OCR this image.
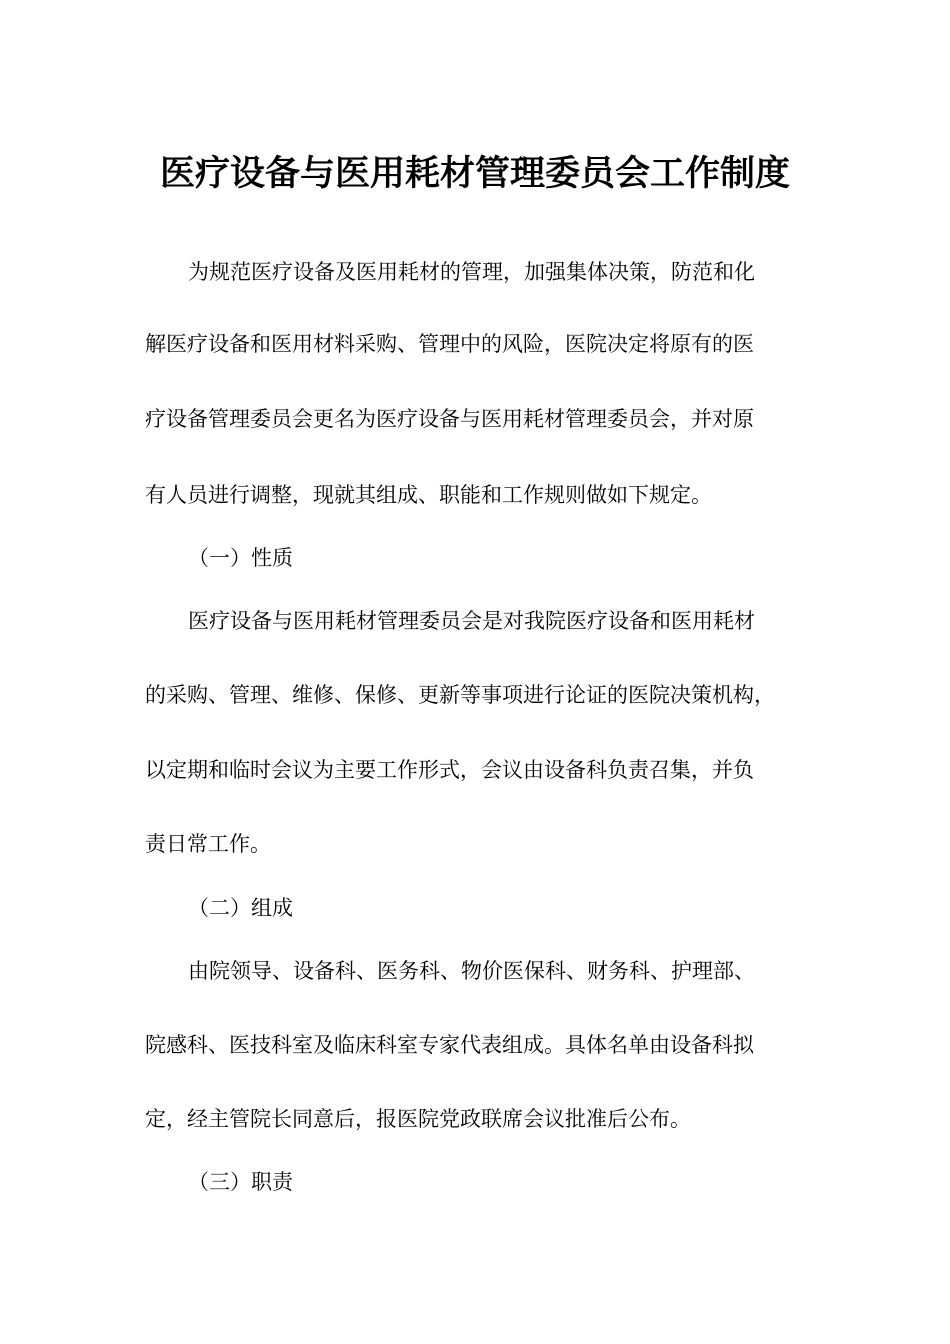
医疗设备与医用耗材管理委员会工作制度

为规范医疗设备及医用耗材的管理，加强集体决策，防范和化

解医疗设备和医用材料采购、管理中的风险，医院决定将原有的医

疗设备管理委员会更名为医疗设备与医用耗材管理委员会，并对原

有人员进行调整，现就其组成、职能和工作规则做如下规定。

（一）性质

医疗设备与医用耗材管理委员会是对我院医疗设备和医用耗材

的采购、管理、维修、保修、更新等事项进行论证的医院决策机构，

以定期和临时会议为主要工作形式，会议由设备科负责召集，并负

责日常工作。

（二）组成

由院领导、设备科、医务科、物价医保科、财务科、护理部、

院感科、医技科室及临床科室专家代表组成。具体名单由设备科拟

定，经主管院长同意后，报医院党政联席会议批准后公布。

（三）职责
